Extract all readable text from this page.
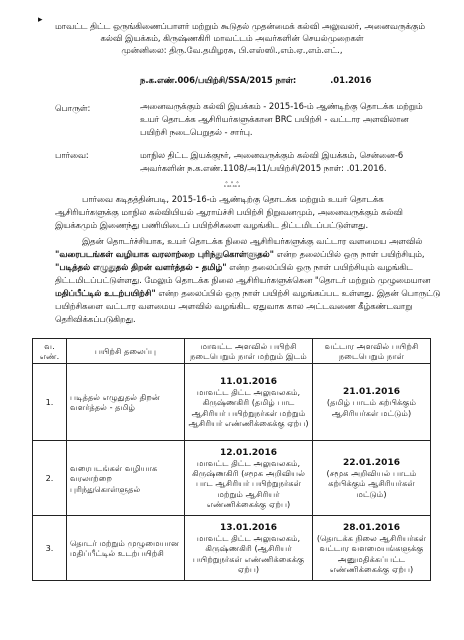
▸
மாவட்ட திட்ட ஒருங்கிணைப்பாளர் மற்றும் கூடுதல் முதன்மைக் கல்வி அலுவலர், அனைவருக்கும்
கல்வி இயக்கம், கிருஷ்ணகிரி மாவட்டம் அவர்களின் செயல்முறைகள்
முன்னிலை: திரு.வே.தமிழரசு, பி.எஸ்ஸி.,எம்.ஏ.,எம்.எட்.,
ந.க.எண்.006/பயிற்சி/SSA/2015 நாள்:	.01.2016
பொருள்:	அனைவருக்கும் கல்வி இயக்கம் - 2015-16-ம் ஆண்டிற்கு தொடக்க மற்றும்
உயர் தொடக்க ஆசிரியர்களுக்கான BRC பயிற்சி - வட்டார அளவிலான
பயிற்சி நடைபெறுதல் - சார்பு.
பார்வை:	மாநில திட்ட இயக்குநர், அனைவருக்கும் கல்வி இயக்கம், சென்னை-6
அவர்களின் ந.க.எண்.1108/அ11/பயிற்சி/2015 நாள்: .01.2016.
ஃஃஃ
பார்வை கடிதத்தின்படி, 2015-16-ம் ஆண்டிற்கு தொடக்க மற்றும் உயர் தொடக்க
ஆசிரியர்களுக்கு மாநில கல்வியியல் ஆராய்ச்சி பயிற்சி நிறுவனமும், அனைவருக்கும் கல்வி
இயக்கமும் இணைந்து பணியிடைப் பயிற்சிகளை வழங்கிட திட்டமிடப்பட்டுள்ளது.
இதன் தொடர்ச்சியாக, உயர் தொடக்க நிலை ஆசிரியர்களுக்கு வட்டார வளமைய அளவில்
"வரைபடங்கள் வழியாக வரலாற்றை புரிந்துகொள்ளுதல்" என்ற தலைப்பில் ஒரு நாள் பயிற்சியும்,
"படித்தல் எழுதுதல் திறன் வளர்த்தல் - தமிழ்" என்ற தலைப்பில் ஒரு நாள் பயிற்சியும் வழங்கிட
திட்டமிடப்பட்டுள்ளது. மேலும் தொடக்க நிலை ஆசிரியர்களுக்கென "தொடர் மற்றும் முழுமையான
மதிப்பீட்டில் உடற்பயிற்சி" என்ற தலைப்பில் ஒரு நாள் பயிற்சி வழங்கப்பட உள்ளது. இதன் பொருட்டு
பயிற்சிகளை வட்டார வளமைய அளவில் வழங்கிட ஏதுவாக கால அட்டவணை கீழ்கண்டவாறு
தெரிவிக்கப்படுகிறது.
வ. எண்.	பயிற்சி தலைப்பு	மாவட்ட அளவில் பயிற்சி நடைபெறும் நாள் மற்றும் இடம்	வட்டார அளவில் பயிற்சி நடைபெறும் நாள்
1.	படித்தல் எழுதுதல் திறன் வளர்த்தல் - தமிழ்	11.01.2016
மாவட்ட திட்ட அலுவலகம், கிருஷ்ணகிரி (தமிழ் பாட ஆசிரியர் பயிற்றுநர்கள் மற்றும் ஆசிரியர் எண்ணிக்கைக்கு ஏற்ப)	21.01.2016
(தமிழ் பாடம் கற்பிக்கும் ஆசிரியர்கள் மட்டும்)
2.	வரைபடங்கள் வழியாக வரலாற்றை புரிந்துகொள்ளுதல்	12.01.2016
மாவட்ட திட்ட அலுவலகம், கிருஷ்ணகிரி (சமூக அறிவியல் பாட ஆசிரியர் பயிற்றுநர்கள் மற்றும் ஆசிரியர் எண்ணிக்கைக்கு ஏற்ப)	22.01.2016
(சமூக அறிவியல் பாடம் கற்பிக்கும் ஆசிரியர்கள் மட்டும்)
3.	தொடர் மற்றும் முழுமையான மதிப்பீட்டில் உடற்பயிற்சி	13.01.2016
மாவட்ட திட்ட அலுவலகம், கிருஷ்ணகிரி (ஆசிரியர் பயிற்றுநர்கள் எண்ணிக்கைக்கு ஏற்ப)	28.01.2016
(தொடக்க நிலை ஆசிரியர்கள் வட்டார வளமையங்களுக்கு அனுமதிக்கப்பட்ட எண்ணிக்கைக்கு ஏற்ப)
